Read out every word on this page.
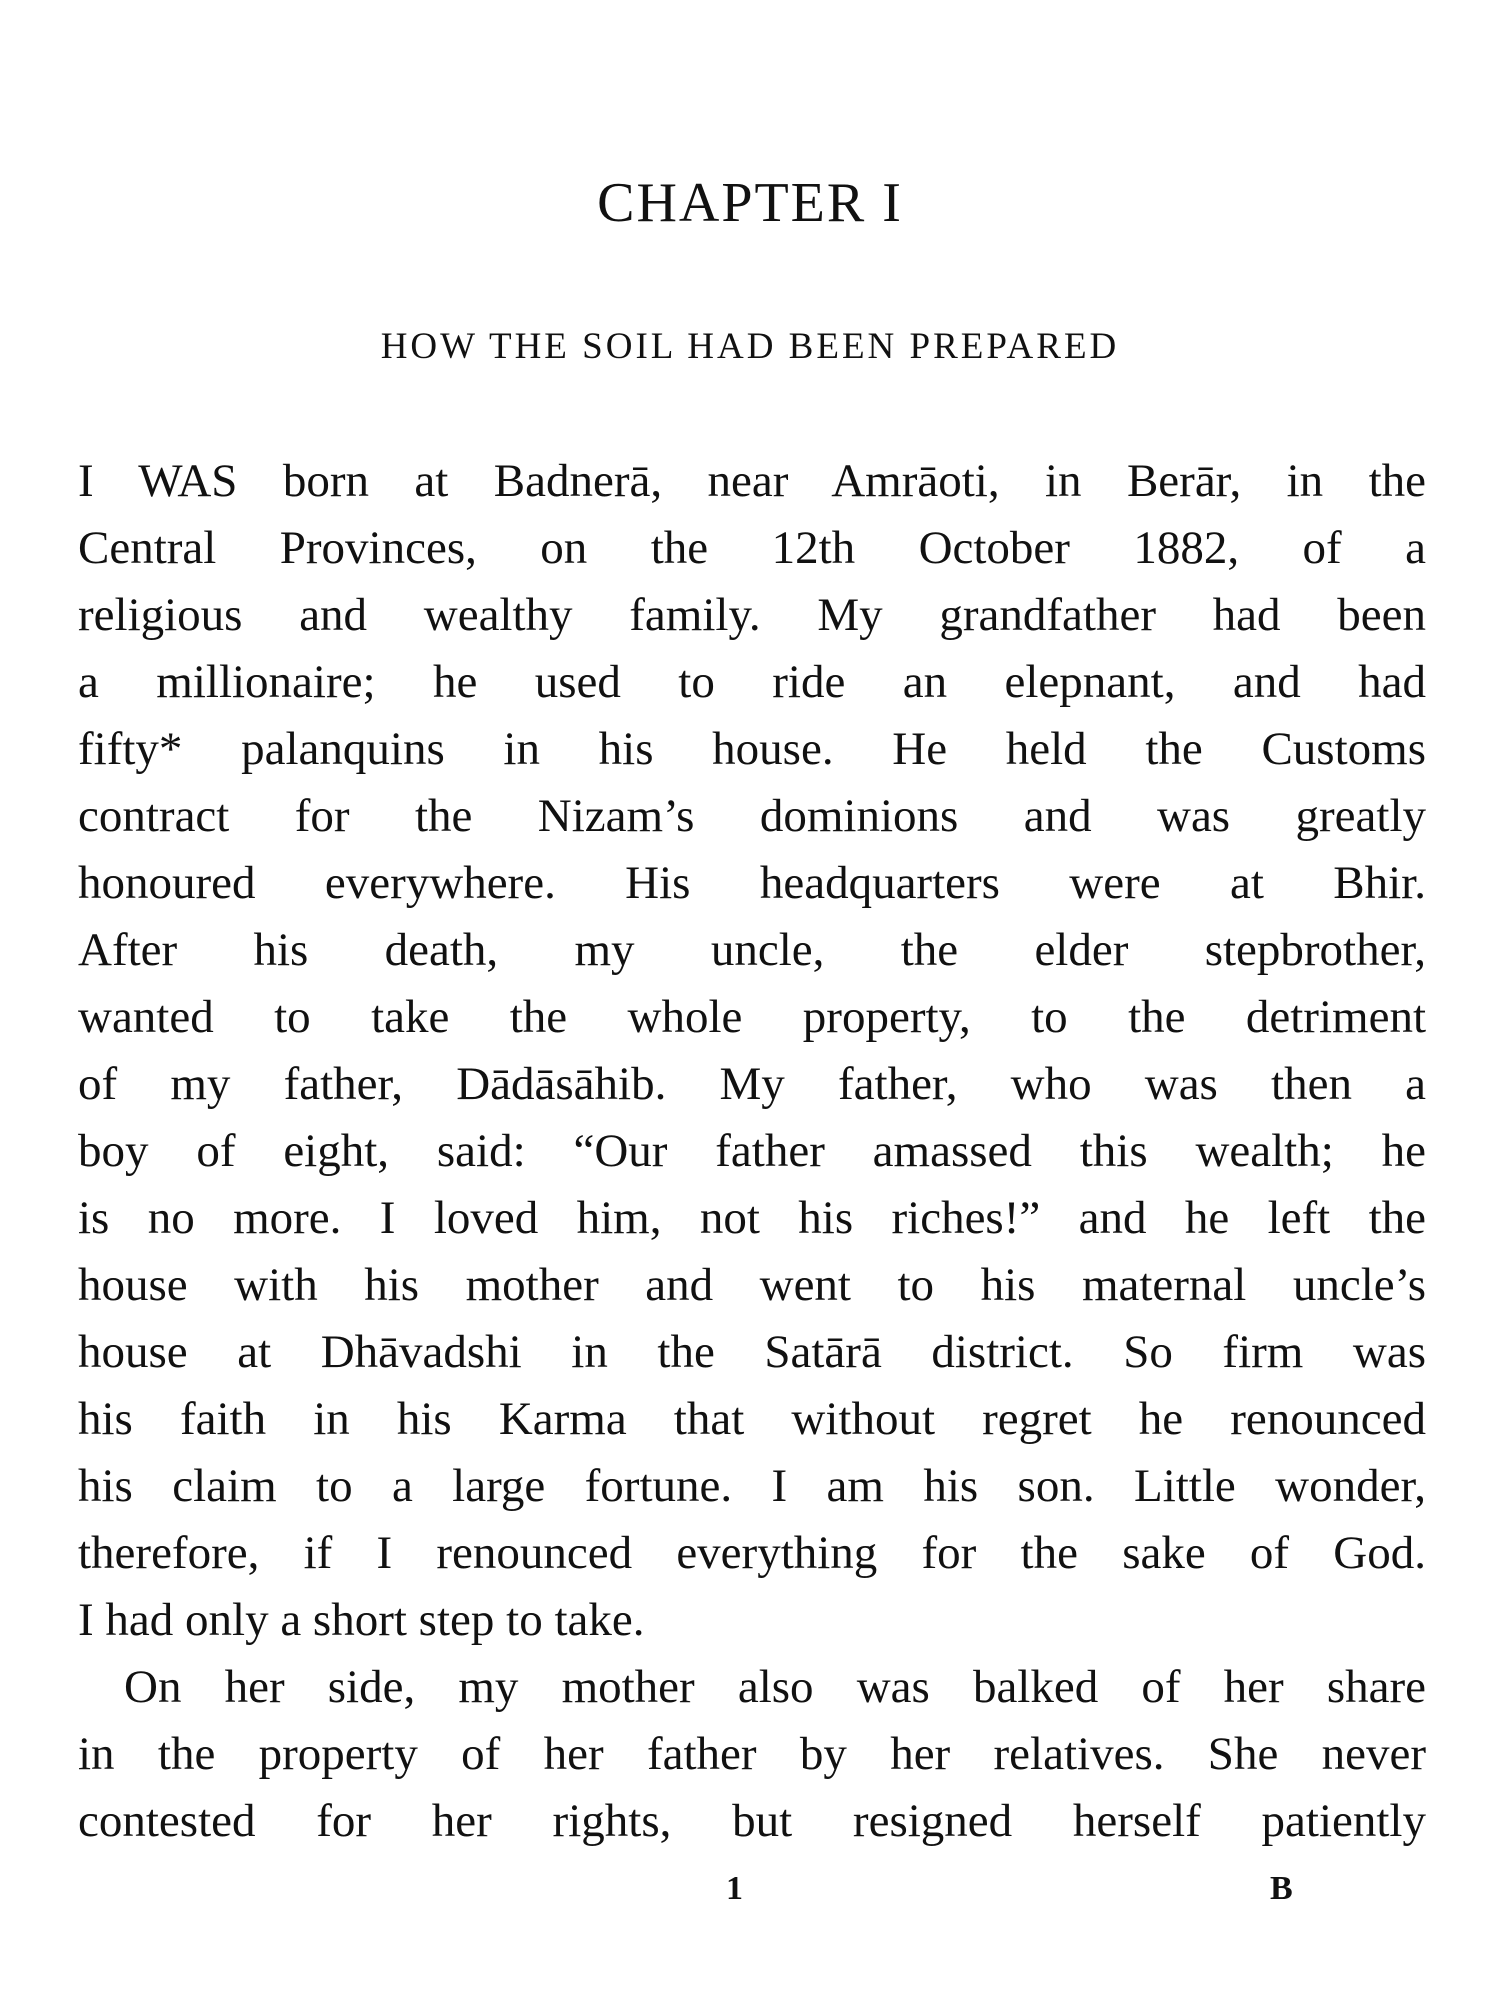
CHAPTER I
HOW THE SOIL HAD BEEN PREPARED
I WAS born at Badnerā, near Amrāoti, in Berār, in the
Central Provinces, on the 12th October 1882, of a
religious and wealthy family. My grandfather had been
a millionaire; he used to ride an elepnant, and had
fifty* palanquins in his house. He held the Customs
contract for the Nizam’s dominions and was greatly
honoured everywhere. His headquarters were at Bhir.
After his death, my uncle, the elder stepbrother,
wanted to take the whole property, to the detriment
of my father, Dādāsāhib. My father, who was then a
boy of eight, said: “Our father amassed this wealth; he
is no more. I loved him, not his riches!” and he left the
house with his mother and went to his maternal uncle’s
house at Dhāvadshi in the Satārā district. So firm was
his faith in his Karma that without regret he renounced
his claim to a large fortune. I am his son. Little wonder,
therefore, if I renounced everything for the sake of God.
I had only a short step to take.
On her side, my mother also was balked of her share
in the property of her father by her relatives. She never
contested for her rights, but resigned herself patiently
1	B
